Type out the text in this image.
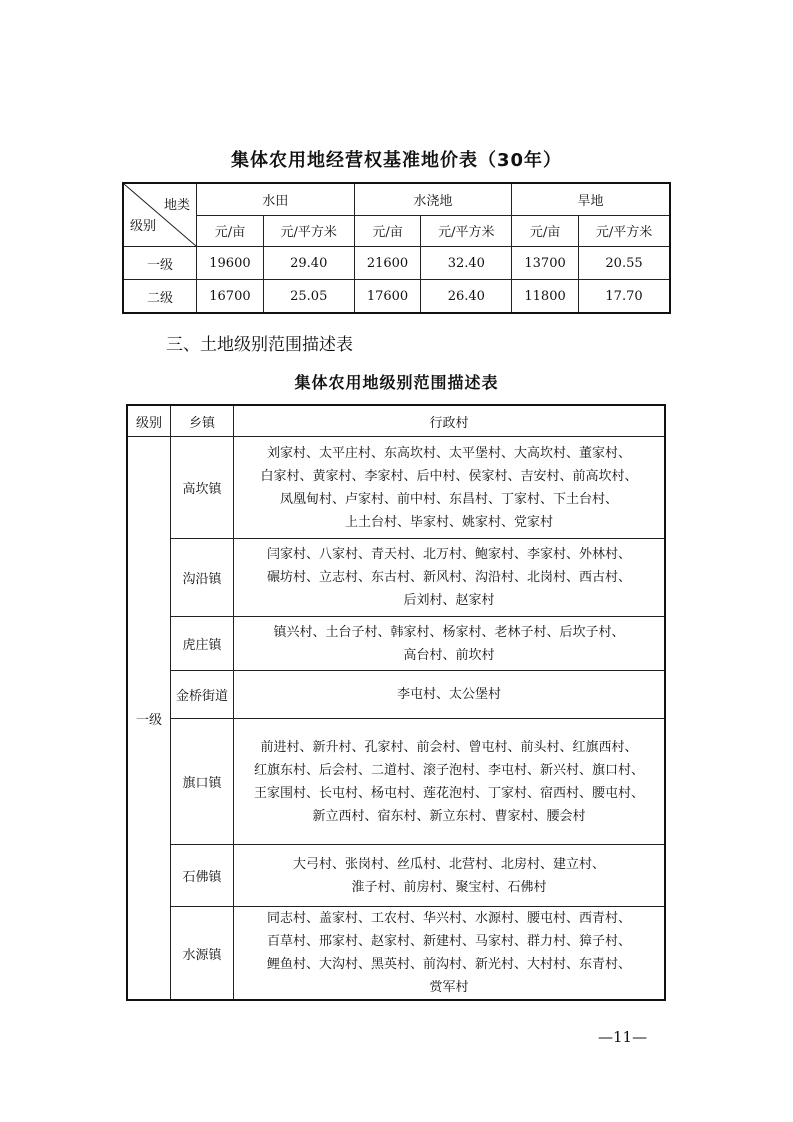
集体农用地经营权基准地价表（30年）
地类
级别	水田		水浇地		旱地	
	元/亩	元/平方米	元/亩	元/平方米	元/亩	元/平方米
一级	19600	29.40	21600	32.40	13700	20.55
二级	16700	25.05	17600	26.40	11800	17.70
三、土地级别范围描述表
集体农用地级别范围描述表
级别	乡镇	行政村
一级	高坎镇	刘家村、太平庄村、东高坎村、太平堡村、大高坎村、董家村、
白家村、黄家村、李家村、后中村、侯家村、吉安村、前高坎村、
凤凰甸村、卢家村、前中村、东昌村、丁家村、下土台村、
上土台村、毕家村、姚家村、党家村

	沟沿镇	闫家村、八家村、青天村、北万村、鲍家村、李家村、外林村、
碾坊村、立志村、东古村、新风村、沟沿村、北岗村、西古村、
后刘村、赵家村

	虎庄镇	镇兴村、土台子村、韩家村、杨家村、老林子村、后坎子村、
高台村、前坎村

	金桥街道	李屯村、太公堡村

	旗口镇	前进村、新升村、孔家村、前会村、曾屯村、前头村、红旗西村、
红旗东村、后会村、二道村、滚子泡村、李屯村、新兴村、旗口村、
王家围村、长屯村、杨屯村、莲花泡村、丁家村、宿西村、腰屯村、
新立西村、宿东村、新立东村、曹家村、腰会村

	石佛镇	大弓村、张岗村、丝瓜村、北营村、北房村、建立村、
淮子村、前房村、聚宝村、石佛村

	水源镇	同志村、盖家村、工农村、华兴村、水源村、腰屯村、西青村、
百草村、邢家村、赵家村、新建村、马家村、群力村、獐子村、
鲤鱼村、大沟村、黑英村、前沟村、新光村、大村村、东青村、
赏军村
—11—
